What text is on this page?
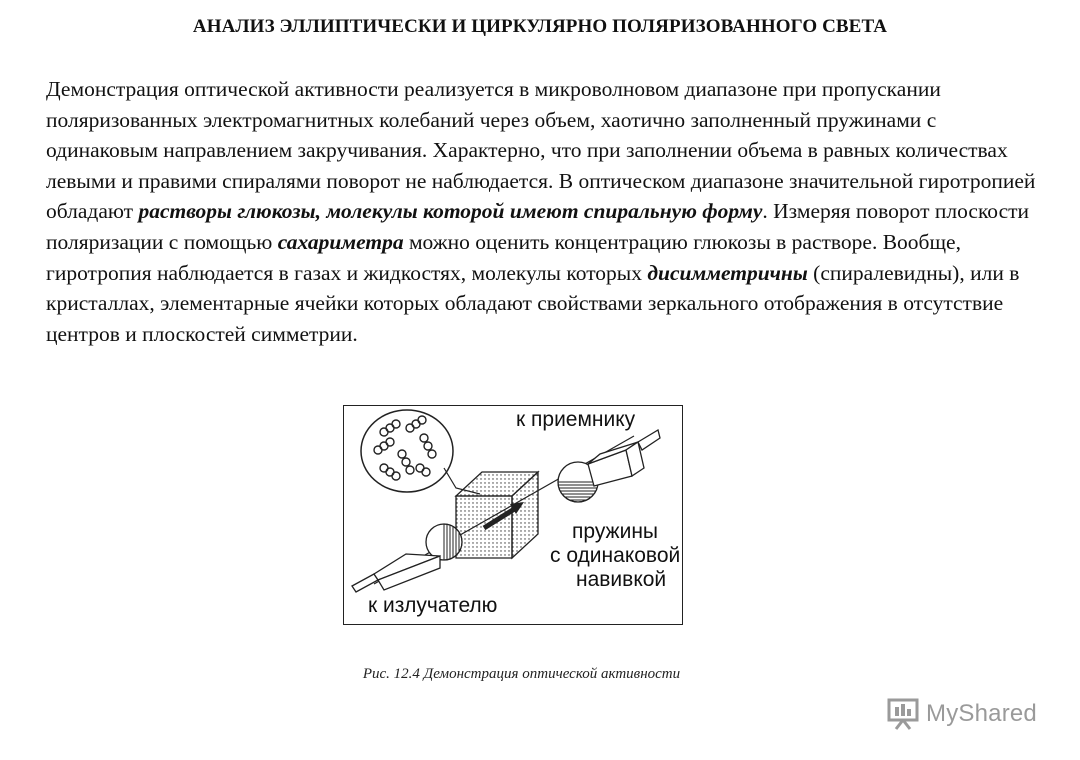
АНАЛИЗ ЭЛЛИПТИЧЕСКИ И ЦИРКУЛЯРНО ПОЛЯРИЗОВАННОГО СВЕТА

Демонстрация оптической активности реализуется в микроволновом диапазоне при пропускании поляризованных электромагнитных колебаний через объем, хаотично заполненный пружинами с одинаковым направлением закручивания. Характерно, что при заполнении объема в равных количествах левыми и правими спиралями поворот не наблюдается. В оптическом диапазоне значительной гиротропией обладают растворы глюкозы, молекулы которой имеют спиральную форму. Измеряя поворот плоскости поляризации с помощью сахариметра можно оценить концентрацию глюкозы в растворе. Вообще, гиротропия наблюдается в газах и жидкостях, молекулы которых дисимметричны (спиралевидны), или в кристаллах, элементарные ячейки которых обладают свойствами зеркального отображения в отсутствие центров и плоскостей симметрии.

к приемнику
пружины
с одинаковой
навивкой
к излучателю

Рис. 12.4 Демонстрация оптической активности

MyShared
